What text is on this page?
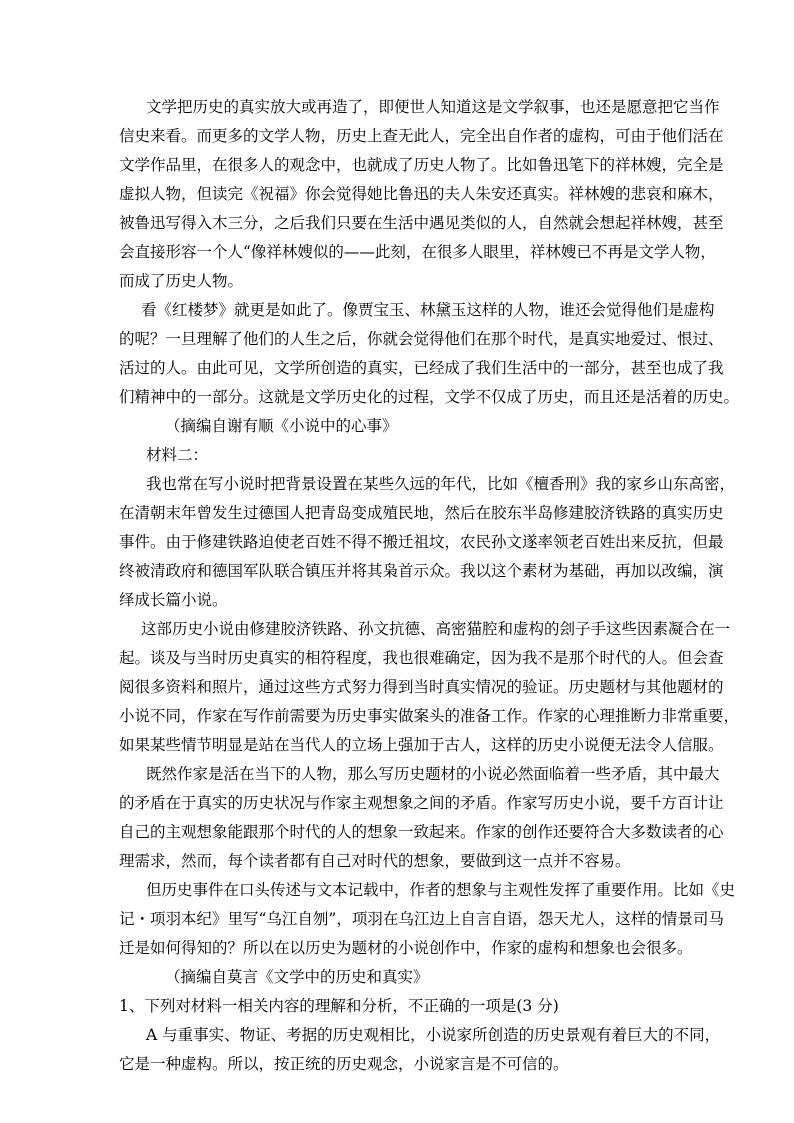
文学把历史的真实放大或再造了，即便世人知道这是文学叙事，也还是愿意把它当作
信史来看。而更多的文学人物，历史上查无此人，完全出自作者的虚构，可由于他们活在
文学作品里，在很多人的观念中，也就成了历史人物了。比如鲁迅笔下的祥林嫂，完全是
虚拟人物，但读完《祝福》你会觉得她比鲁迅的夫人朱安还真实。祥林嫂的悲哀和麻木，
被鲁迅写得入木三分，之后我们只要在生活中遇见类似的人，自然就会想起祥林嫂，甚至
会直接形容一个人“像祥林嫂似的——此刻，在很多人眼里，祥林嫂已不再是文学人物，
而成了历史人物。
看《红楼梦》就更是如此了。像贾宝玉、林黛玉这样的人物，谁还会觉得他们是虚构
的呢？一旦理解了他们的人生之后，你就会觉得他们在那个时代，是真实地爱过、恨过、
活过的人。由此可见，文学所创造的真实，已经成了我们生活中的一部分，甚至也成了我
们精神中的一部分。这就是文学历史化的过程，文学不仅成了历史，而且还是活着的历史。
（摘编自谢有顺《小说中的心事》
材料二：
我也常在写小说时把背景设置在某些久远的年代，比如《檀香刑》我的家乡山东高密，
在清朝末年曾发生过德国人把青岛变成殖民地，然后在胶东半岛修建胶济铁路的真实历史
事件。由于修建铁路迫使老百姓不得不搬迁祖坟，农民孙文遂率领老百姓出来反抗，但最
终被清政府和德国军队联合镇压并将其枭首示众。我以这个素材为基础，再加以改编，演
绎成长篇小说。
这部历史小说由修建胶济铁路、孙文抗德、高密猫腔和虚构的刽子手这些因素凝合在一
起。谈及与当时历史真实的相符程度，我也很难确定，因为我不是那个时代的人。但会查
阅很多资料和照片，通过这些方式努力得到当时真实情况的验证。历史题材与其他题材的
小说不同，作家在写作前需要为历史事实做案头的准备工作。作家的心理推断力非常重要，
如果某些情节明显是站在当代人的立场上强加于古人，这样的历史小说便无法令人信服。
既然作家是活在当下的人物，那么写历史题材的小说必然面临着一些矛盾，其中最大
的矛盾在于真实的历史状况与作家主观想象之间的矛盾。作家写历史小说，要千方百计让
自己的主观想象能跟那个时代的人的想象一致起来。作家的创作还要符合大多数读者的心
理需求，然而，每个读者都有自己对时代的想象，要做到这一点并不容易。
但历史事件在口头传述与文本记载中，作者的想象与主观性发挥了重要作用。比如《史
记・项羽本纪》里写“乌江自刎”，项羽在乌江边上自言自语，怨天尤人，这样的情景司马
迁是如何得知的？所以在以历史为题材的小说创作中，作家的虚构和想象也会很多。
（摘编自莫言《文学中的历史和真实》
1、下列对材料一相关内容的理解和分析，不正确的一项是(3 分)
A 与重事实、物证、考据的历史观相比，小说家所创造的历史景观有着巨大的不同，
它是一种虚构。所以，按正统的历史观念，小说家言是不可信的。
